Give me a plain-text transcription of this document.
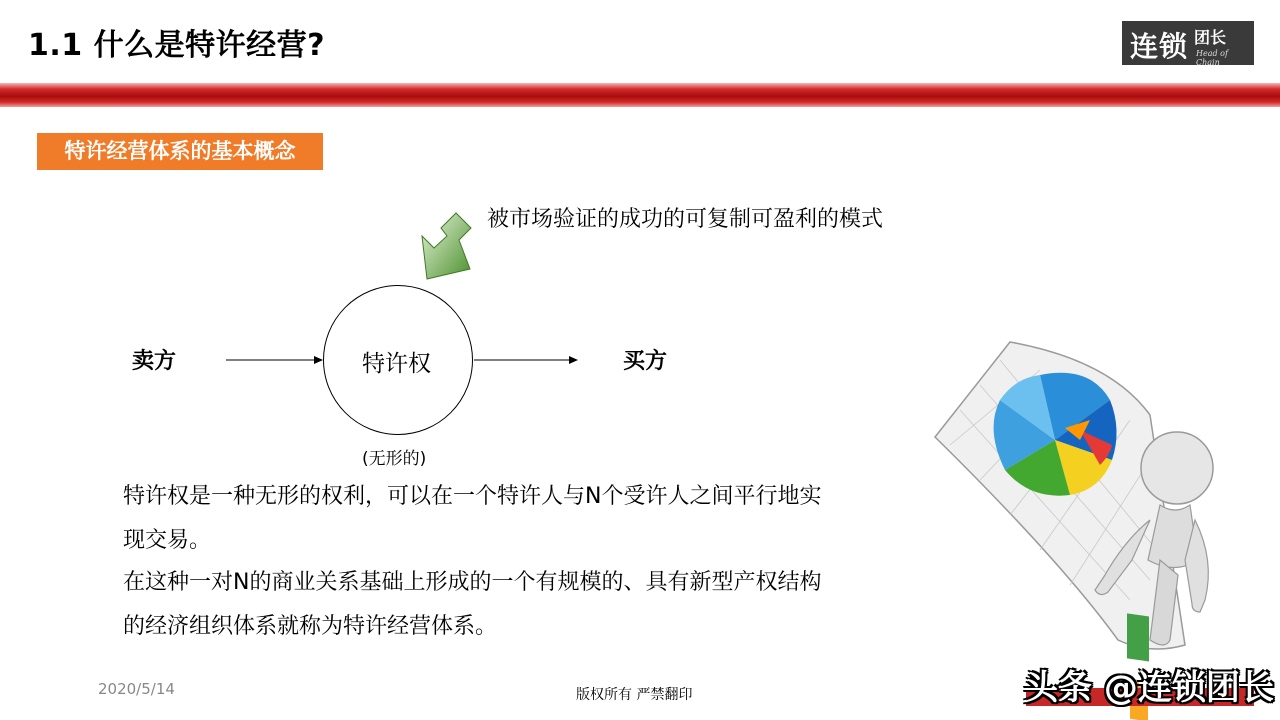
1.1 什么是特许经营?	连锁 团长
Head of Chain
特许经营体系的基本概念
被市场验证的成功的可复制可盈利的模式
卖方	买方
特许权
(无形的)
特许权是一种无形的权利，可以在一个特许人与N个受许人之间平行地实
现交易。
在这种一对N的商业关系基础上形成的一个有规模的、具有新型产权结构
的经济组织体系就称为特许经营体系。
2020/5/14	版权所有 严禁翻印	头条 @连锁团长
